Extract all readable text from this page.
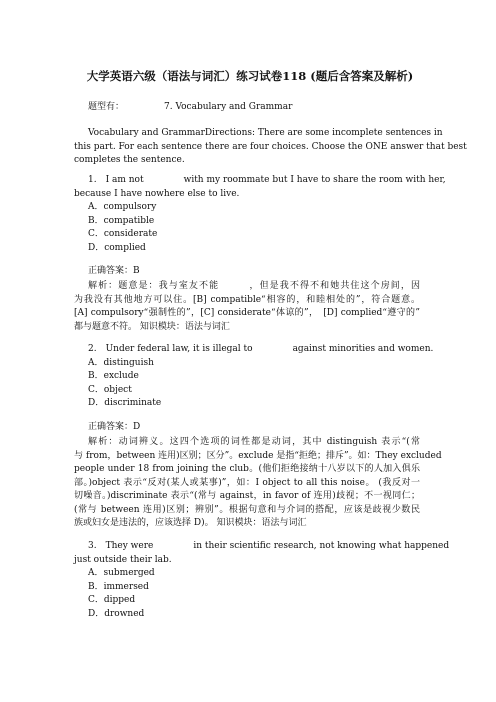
大学英语六级（语法与词汇）练习试卷118 (题后含答案及解析)
题型有：	7. Vocabulary and Grammar
Vocabulary and GrammarDirections: There are some incomplete sentences in
this part. For each sentence there are four choices. Choose the ONE answer that best
completes the sentence.
1.　I am not	with my roommate but I have to share the room with her,
because I have nowhere else to live.
A．compulsory
B．compatible
C．considerate
D．complied
正确答案：B
解析：题意是：我与室友不能　　　，但是我不得不和她共住这个房间，因
为我没有其他地方可以住。[B] compatible“相容的，和睦相处的”，符合题意。
[A] compulsory“强制性的”，[C] considerate“体谅的”，　[D] complied“遵守的”
都与题意不符。 知识模块：语法与词汇
2.　Under federal law, it is illegal to	against minorities and women.
A．distinguish
B．exclude
C．object
D．discriminate
正确答案：D
解析：动词辨义。这四个选项的词性都是动词，其中 distinguish 表示“(常
与 from，between 连用)区别；区分”。exclude 是指“拒绝；排斥”。如：They excluded
people under 18 from joining the club。(他们拒绝接纳十八岁以下的人加入俱乐
部。)object 表示“反对(某人或某事)”，如：I object to all this noise。 (我反对一
切噪音。)discriminate 表示“(常与 against，in favor of 连用)歧视；不一视同仁；
(常与 between 连用)区别；辨别”。根据句意和与介词的搭配，应该是歧视少数民
族或妇女是违法的，应该选择 D)。 知识模块：语法与词汇
3.　They were	in their scientific research, not knowing what happened
just outside their lab.
A．submerged
B．immersed
C．dipped
D．drowned
